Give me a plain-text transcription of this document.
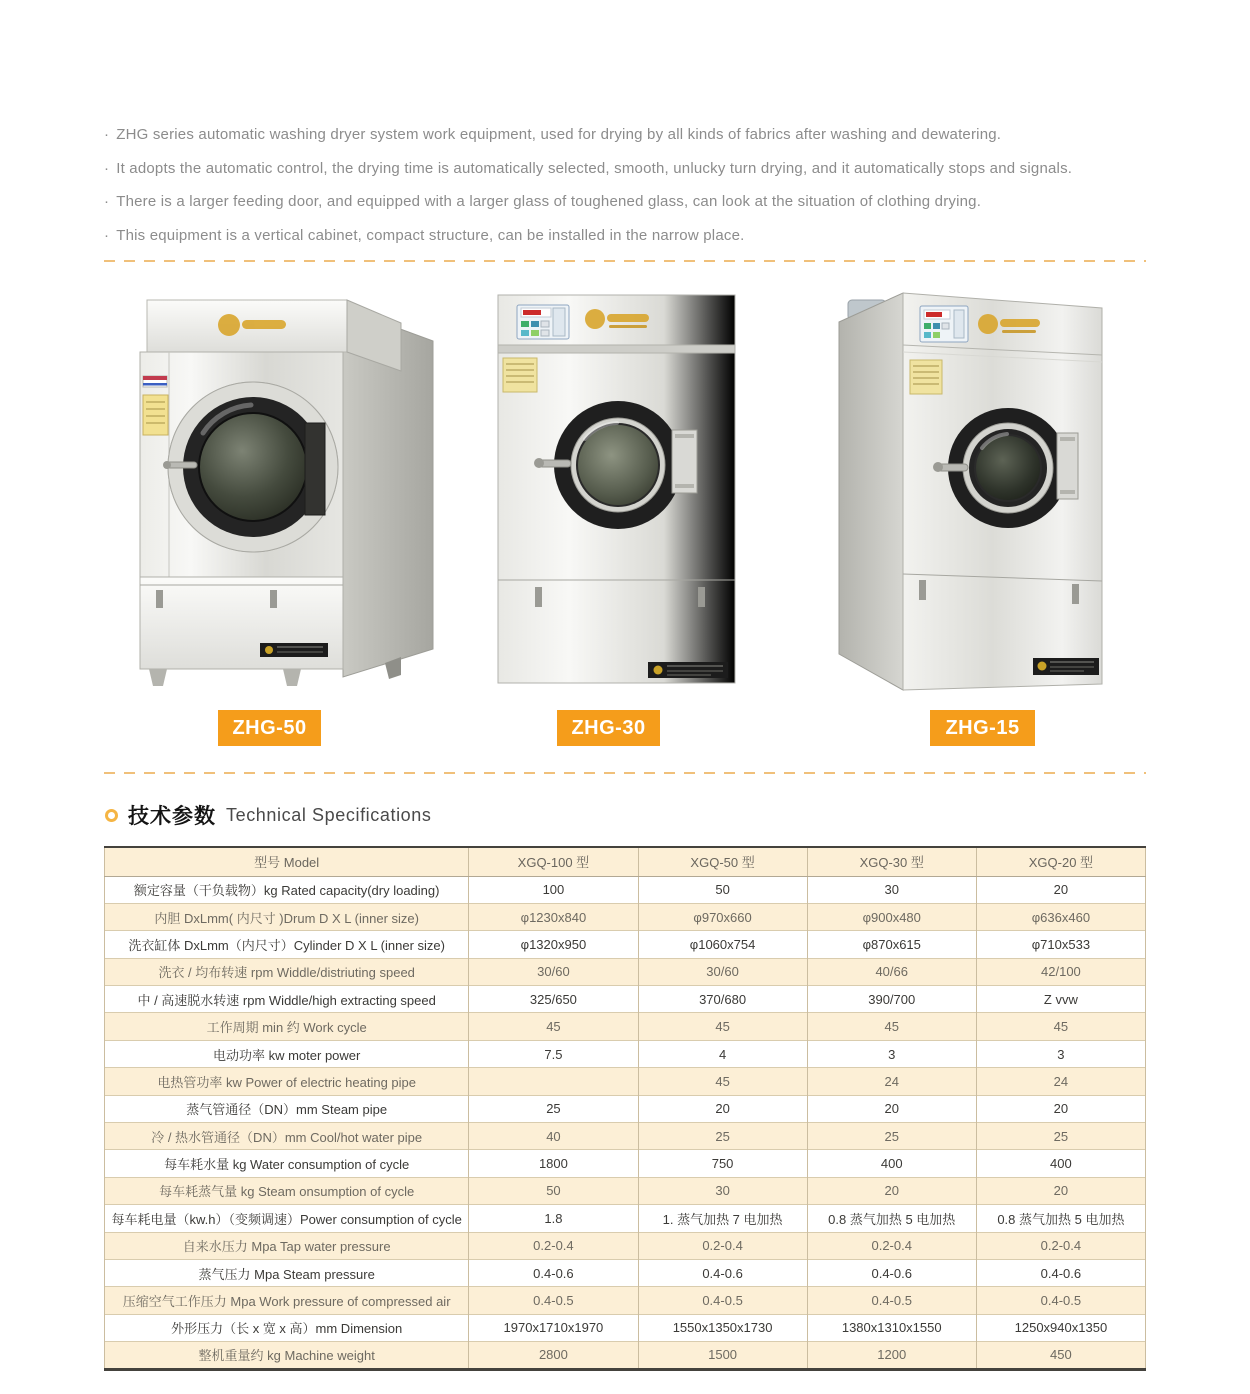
· ZHG series automatic washing dryer system work equipment, used for drying by all kinds of fabrics after washing and dewatering.
· It adopts the automatic control, the drying time is automatically selected, smooth, unlucky turn drying, and it automatically stops and signals.
· There is a larger feeding door, and equipped with a larger glass of toughened glass, can look at the situation of clothing drying.
· This equipment is a vertical cabinet, compact structure, can be installed in the narrow place.
ZHG-50	ZHG-30	ZHG-15
技术参数 Technical Specifications
型号 Model	XGQ-100 型	XGQ-50 型	XGQ-30 型	XGQ-20 型
额定容量（干负载物）kg Rated capacity(dry loading)	100	50	30	20
内胆 DxLmm( 内尺寸 )Drum D X L (inner size)	φ1230x840	φ970x660	φ900x480	φ636x460
洗衣缸体 DxLmm（内尺寸）Cylinder D X L (inner size)	φ1320x950	φ1060x754	φ870x615	φ710x533
洗衣 / 均布转速 rpm Widdle/distriuting speed	30/60	30/60	40/66	42/100
中 / 高速脱水转速 rpm Widdle/high extracting speed	325/650	370/680	390/700	Z vvw
工作周期 min 约 Work cycle	45	45	45	45
电动功率 kw moter power	7.5	4	3	3
电热管功率 kw Power of electric heating pipe		45	24	24
蒸气管通径（DN）mm Steam pipe	25	20	20	20
冷 / 热水管通径（DN）mm Cool/hot water pipe	40	25	25	25
每车耗水量 kg Water consumption of cycle	1800	750	400	400
每车耗蒸气量 kg Steam onsumption of cycle	50	30	20	20
每车耗电量（kw.h）（变频调速）Power consumption of cycle	1.8	1. 蒸气加热 7 电加热	0.8 蒸气加热 5 电加热	0.8 蒸气加热 5 电加热
自来水压力 Mpa Tap water pressure	0.2-0.4	0.2-0.4	0.2-0.4	0.2-0.4
蒸气压力 Mpa Steam pressure	0.4-0.6	0.4-0.6	0.4-0.6	0.4-0.6
压缩空气工作压力 Mpa Work pressure of compressed air	0.4-0.5	0.4-0.5	0.4-0.5	0.4-0.5
外形压力（长 x 宽 x 高）mm Dimension	1970x1710x1970	1550x1350x1730	1380x1310x1550	1250x940x1350
整机重量约 kg Machine weight	2800	1500	1200	450
